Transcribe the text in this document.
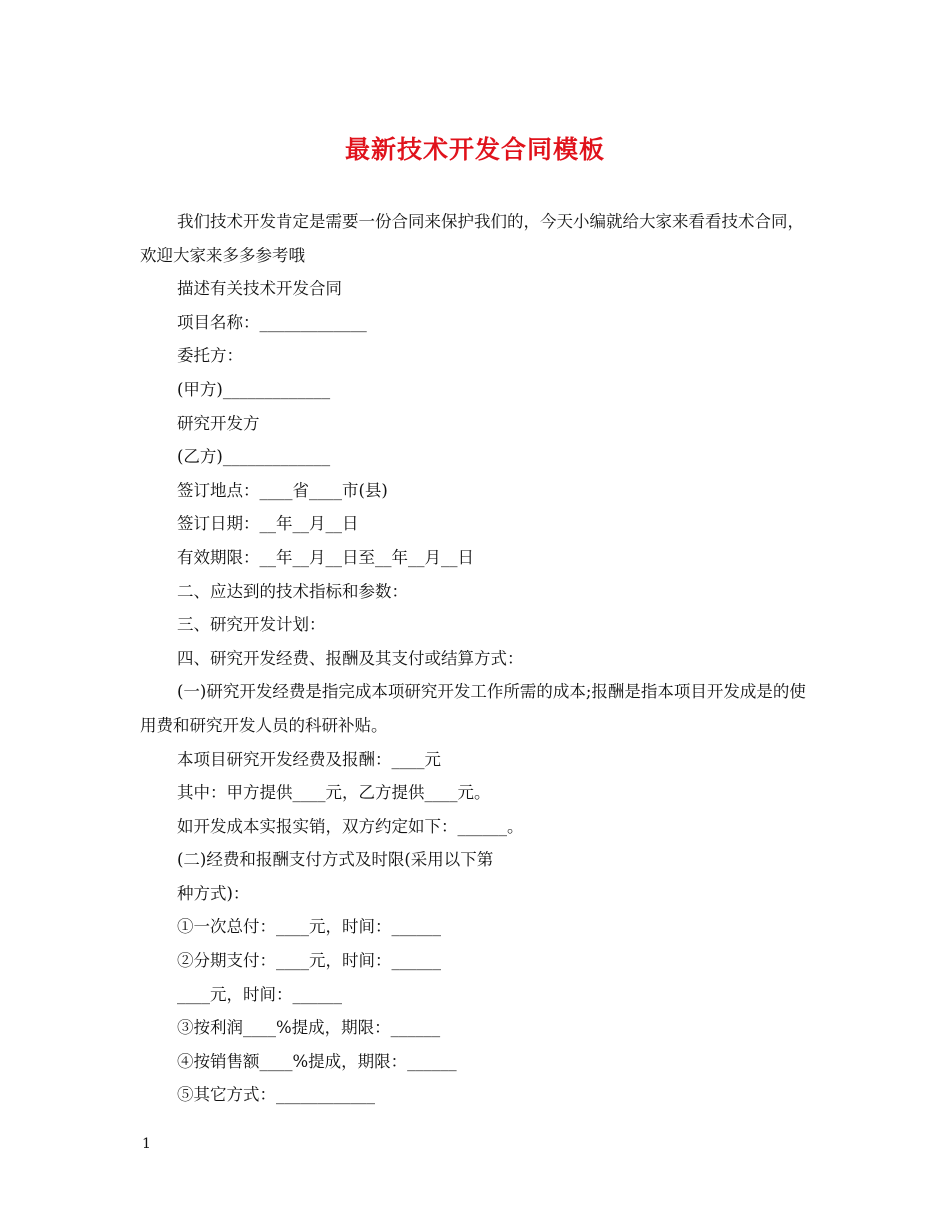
最新技术开发合同模板

我们技术开发肯定是需要一份合同来保护我们的，今天小编就给大家来看看技术合同，欢迎大家来多多参考哦

描述有关技术开发合同

项目名称：_____________

委托方：

(甲方)_____________

研究开发方

(乙方)_____________

签订地点：____省____市(县)

签订日期：__年__月__日

有效期限：__年__月__日至__年__月__日

二、应达到的技术指标和参数：

三、研究开发计划：

四、研究开发经费、报酬及其支付或结算方式：

(一)研究开发经费是指完成本项研究开发工作所需的成本;报酬是指本项目开发成是的使用费和研究开发人员的科研补贴。

本项目研究开发经费及报酬：____元

其中：甲方提供____元，乙方提供____元。

如开发成本实报实销，双方约定如下：______。

(二)经费和报酬支付方式及时限(采用以下第

种方式)：

①一次总付：____元，时间：______

②分期支付：____元，时间：______

____元，时间：______

③按利润____%提成，期限：______

④按销售额____%提成，期限：______

⑤其它方式：____________

1
